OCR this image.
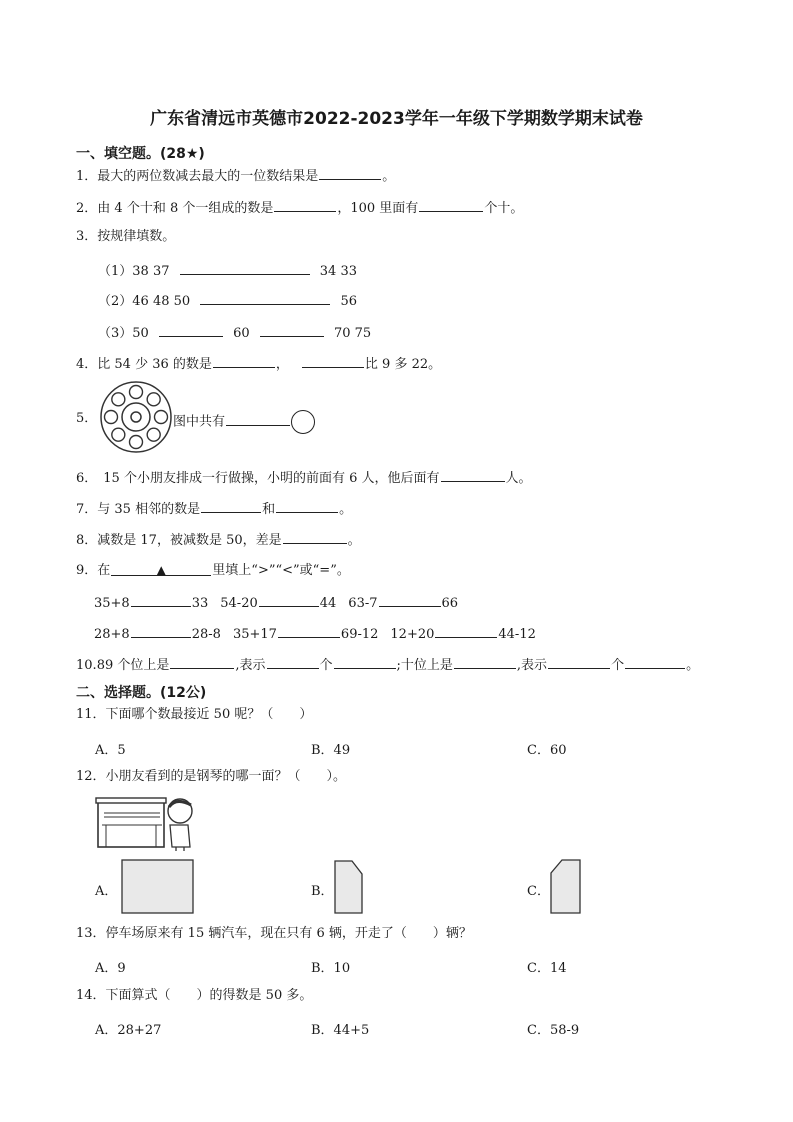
广东省清远市英德市2022-2023学年一年级下学期数学期末试卷
一、填空题。(28★)
1．最大的两位数减去最大的一位数结果是	。
2．由 4 个十和 8 个一组成的数是	，100 里面有	个十。
3．按规律填数。
（1）38 37	34 33
（2）46 48 50	56
（3）50	60	70 75
4．比 54 少 36 的数是	，	比 9 多 22。
5．	图中共有
6． 15 个小朋友排成一行做操，小明的前面有 6 人，他后面有	人。
7．与 35 相邻的数是	和	。
8．减数是 17，被减数是 50，差是	。
9．在	▲	里填上“>”“<”或“=”。
35+8	33 54-20	44 63-7	66
28+8	28-8 35+17	69-12 12+20	44-12
10.89 个位上是	,表示	个	;十位上是	,表示	个	。
二、选择题。(12公)
11．下面哪个数最接近 50 呢？（　　）
A．5	B．49	C．60
12．小朋友看到的是钢琴的哪一面？（　　）。
A．	B．	C．
13．停车场原来有 15 辆汽车，现在只有 6 辆，开走了（　　）辆？
A．9	B．10	C．14
14．下面算式（　　）的得数是 50 多。
A．28+27	B．44+5	C．58-9
